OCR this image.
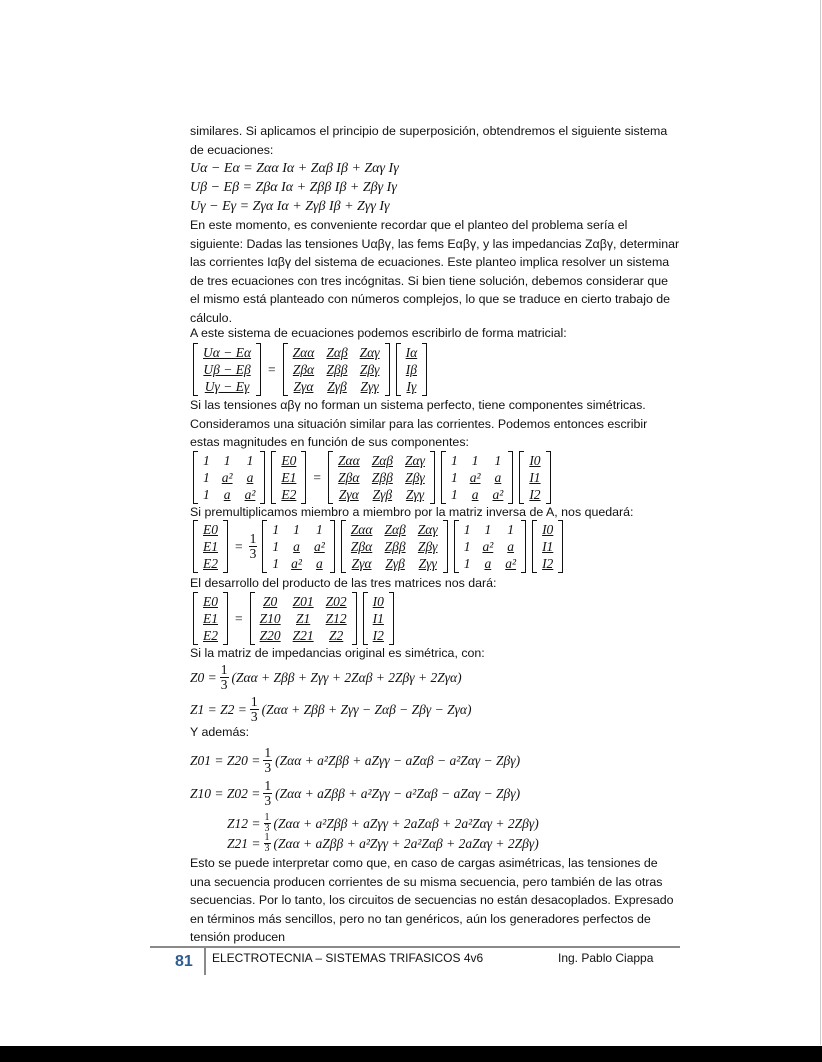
similares. Si aplicamos el principio de superposición, obtendremos el siguiente sistema de ecuaciones:
Uα − Eα = Zαα Iα + Zαβ Iβ + Zαγ Iγ
Uβ − Eβ = Zβα Iα + Zββ Iβ + Zβγ Iγ
Uγ − Eγ = Zγα Iα + Zγβ Iβ + Zγγ Iγ
En este momento, es conveniente recordar que el planteo del problema sería el siguiente: Dadas las tensiones Uαβγ, las fems Eαβγ, y las impedancias Zαβγ, determinar las corrientes Iαβγ del sistema de ecuaciones. Este planteo implica resolver un sistema de tres ecuaciones con tres incógnitas. Si bien tiene solución, debemos considerar que el mismo está planteado con números complejos, lo que se traduce en cierto trabajo de cálculo.
A este sistema de ecuaciones podemos escribirlo de forma matricial:
Uα − Eα
Uβ − Eβ
Uγ − Eγ
=
Zαα Zαβ Zαγ
Zβα Zββ Zβγ
Zγα	Zγβ	Zγγ
Iα
Iβ
Iγ
Si las tensiones αβγ no forman un sistema perfecto, tiene componentes simétricas. Consideramos una situación similar para las corrientes. Podemos entonces escribir estas magnitudes en función de sus componentes:
1	1	1
1 a²	a
1	a	a²
E0
E1
E2
=
Zαα Zαβ Zαγ
Zβα Zββ Zβγ
Zγα	Zγβ	Zγγ
1	1	1
1 a²	a
1	a	a²
I0
I1
I2
Si premultiplicamos miembro a miembro por la matriz inversa de A, nos quedará:
E0
E1
E2
= $\frac{1}{3}$
1	1	1
1	a	a²
1 a²	a
Zαα Zαβ Zαγ
Zβα Zββ Zβγ
Zγα	Zγβ	Zγγ
1	1	1
1 a²	a
1	a	a²
I0
I1
I2
El desarrollo del producto de las tres matrices nos dará:
E0
E1
E2
=
Z0	Z01 Z02
Z10	Z1	Z12
Z20 Z21	Z2
I0
I1
I2
Si la matriz de impedancias original es simétrica, con:
$Z0 = \frac{1}{3} (Z\alpha\alpha + Z\beta\beta + Z\gamma\gamma + 2Z\alpha\beta + 2Z\beta\gamma + 2Z\gamma\alpha)$
$Z1 = Z2 = \frac{1}{3} (Z\alpha\alpha + Z\beta\beta + Z\gamma\gamma - Z\alpha\beta - Z\beta\gamma - Z\gamma\alpha)$
Y además:
$Z01 = Z20 = \frac{1}{3} (Z\alpha\alpha + a^2Z\beta\beta + aZ\gamma\gamma - aZ\alpha\beta - a^2Z\alpha\gamma - Z\beta\gamma)$
$Z10 = Z02 = \frac{1}{3} (Z\alpha\alpha + aZ\beta\beta + a^2Z\gamma\gamma - a^2Z\alpha\beta - aZ\alpha\gamma - Z\beta\gamma)$
$Z12 = \frac{1}{3} (Z\alpha\alpha + a^2Z\beta\beta + aZ\gamma\gamma + 2aZ\alpha\beta + 2a^2Z\alpha\gamma + 2Z\beta\gamma)$
$Z21 = \frac{1}{3} (Z\alpha\alpha + aZ\beta\beta + a^2Z\gamma\gamma + 2a^2Z\alpha\beta + 2aZ\alpha\gamma + 2Z\beta\gamma)$
Esto se puede interpretar como que, en caso de cargas asimétricas, las tensiones de una secuencia producen corrientes de su misma secuencia, pero también de las otras secuencias. Por lo tanto, los circuitos de secuencias no están desacoplados. Expresado en términos más sencillos, pero no tan genéricos, aún los generadores perfectos de tensión producen
81 ELECTROTECNIA – SISTEMAS TRIFASICOS 4v6	Ing. Pablo Ciappa
